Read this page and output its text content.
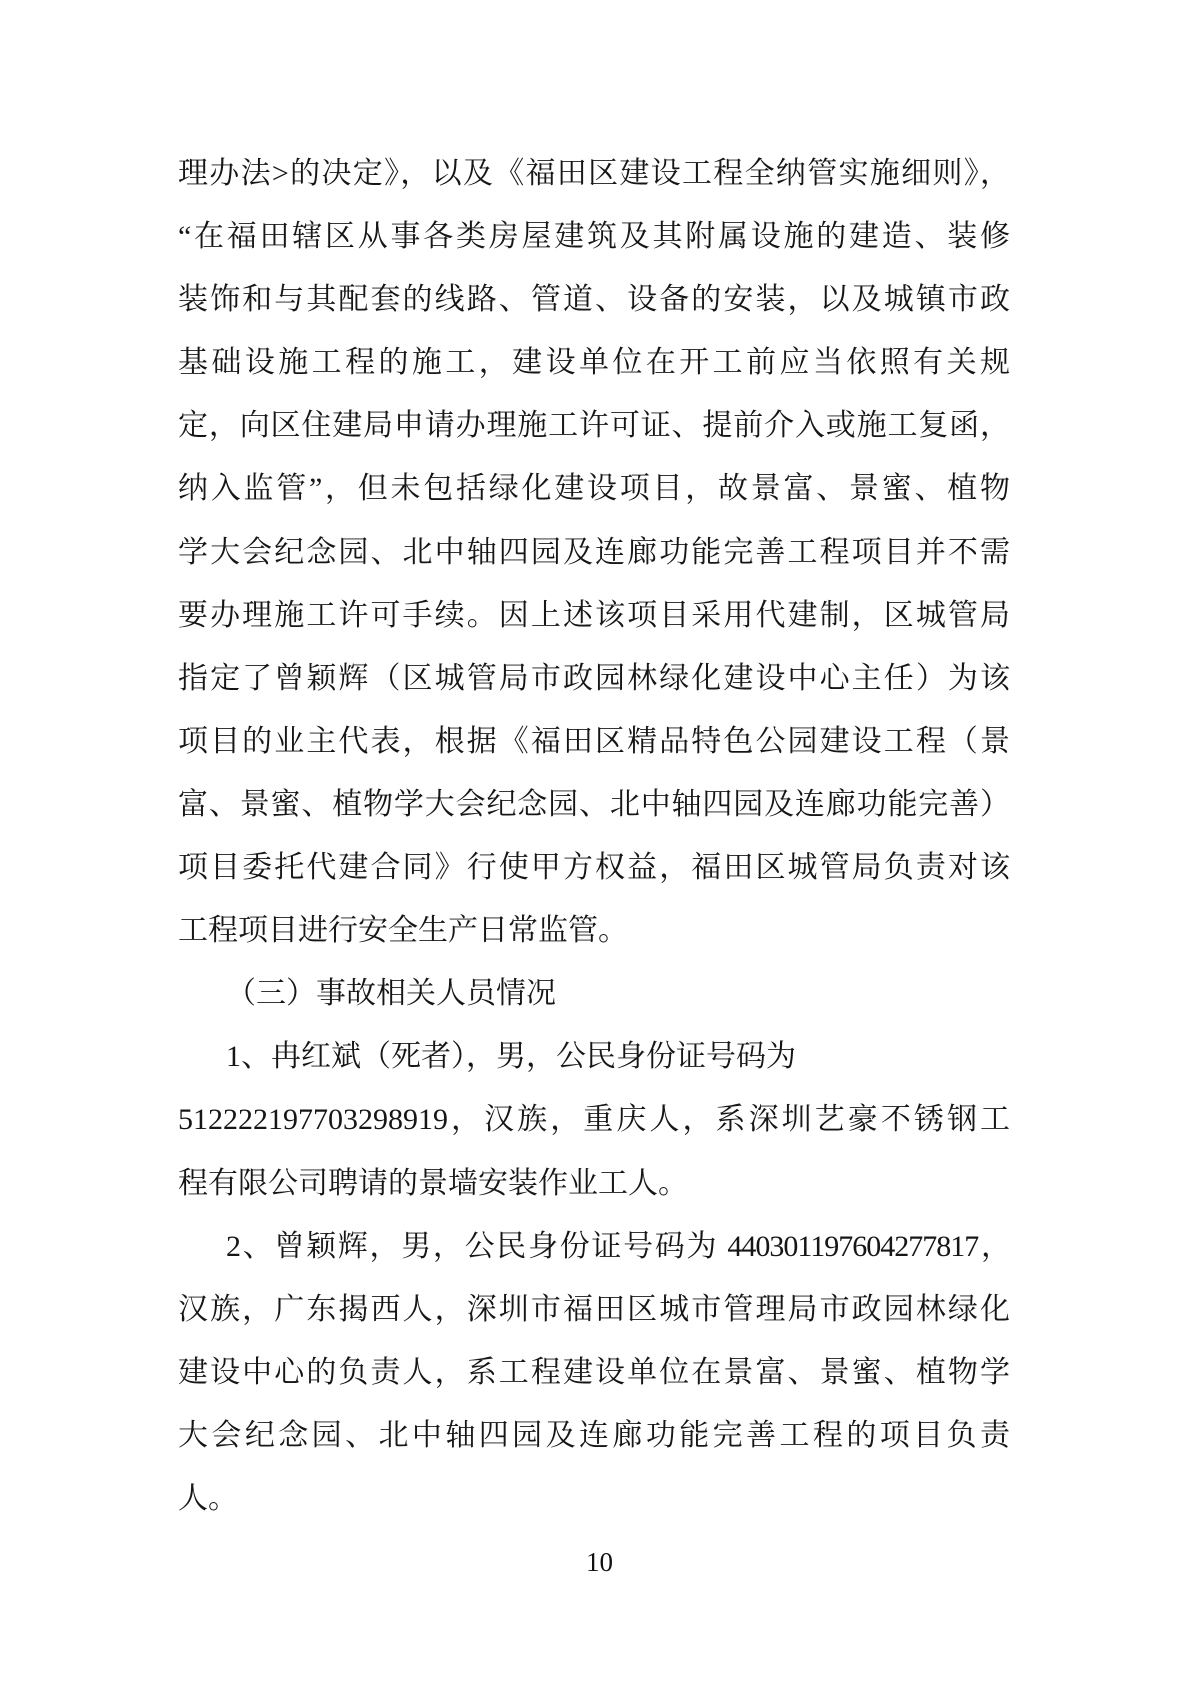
理办法>的决定》，以及《福田区建设工程全纳管实施细则》，
“在福田辖区从事各类房屋建筑及其附属设施的建造、装修
装饰和与其配套的线路、管道、设备的安装，以及城镇市政
基础设施工程的施工，建设单位在开工前应当依照有关规
定，向区住建局申请办理施工许可证、提前介入或施工复函，
纳入监管”，但未包括绿化建设项目，故景富、景蜜、植物
学大会纪念园、北中轴四园及连廊功能完善工程项目并不需
要办理施工许可手续。因上述该项目采用代建制，区城管局
指定了曾颖辉（区城管局市政园林绿化建设中心主任）为该
项目的业主代表，根据《福田区精品特色公园建设工程（景
富、景蜜、植物学大会纪念园、北中轴四园及连廊功能完善）
项目委托代建合同》行使甲方权益，福田区城管局负责对该
工程项目进行安全生产日常监管。
（三）事故相关人员情况
1、冉红斌（死者），男，公民身份证号码为
512222197703298919，汉族，重庆人，系深圳艺豪不锈钢工
程有限公司聘请的景墙安装作业工人。
2、曾颖辉，男，公民身份证号码为 440301197604277817，
汉族，广东揭西人，深圳市福田区城市管理局市政园林绿化
建设中心的负责人，系工程建设单位在景富、景蜜、植物学
大会纪念园、北中轴四园及连廊功能完善工程的项目负责
人。
10
